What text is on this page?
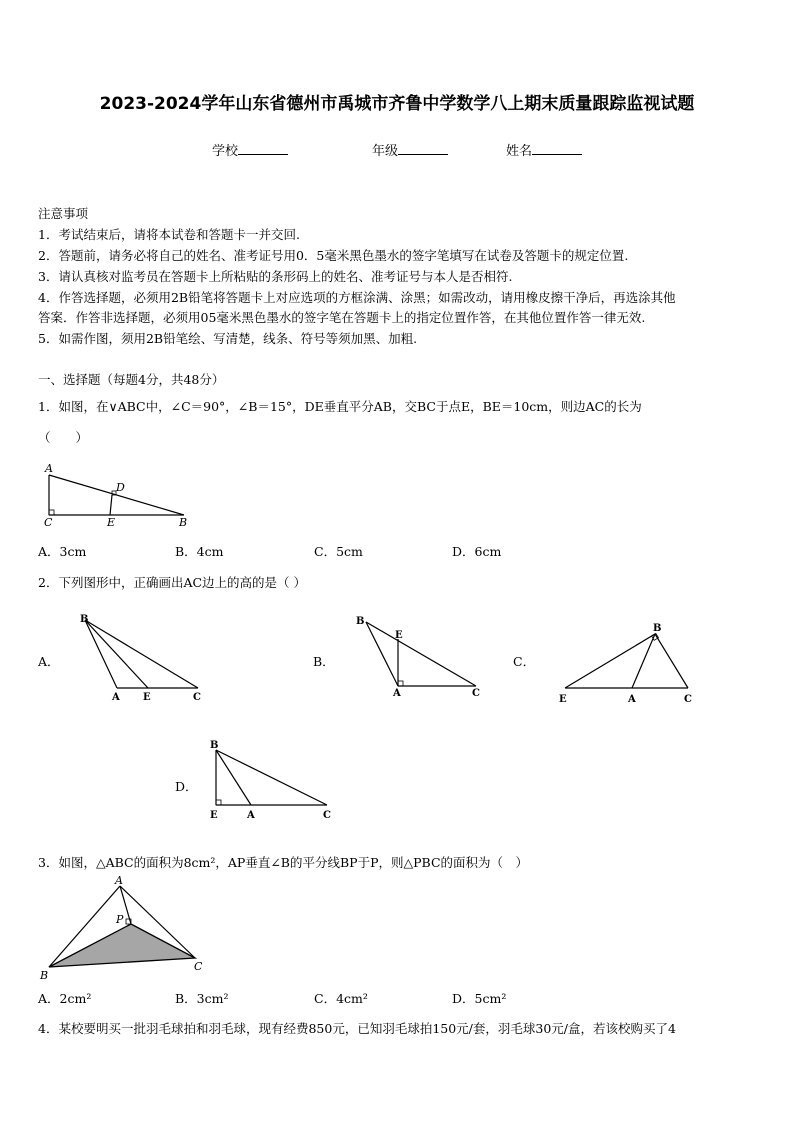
2023-2024学年山东省德州市禹城市齐鲁中学数学八上期末质量跟踪监视试题
学校	年级	姓名
注意事项
1．考试结束后，请将本试卷和答题卡一并交回.
2．答题前，请务必将自己的姓名、准考证号用0．5毫米黑色墨水的签字笔填写在试卷及答题卡的规定位置.
3．请认真核对监考员在答题卡上所粘贴的条形码上的姓名、准考证号与本人是否相符.
4．作答选择题，必须用2B铅笔将答题卡上对应选项的方框涂满、涂黑；如需改动，请用橡皮擦干净后，再选涂其他
答案．作答非选择题，必须用05毫米黑色墨水的签字笔在答题卡上的指定位置作答，在其他位置作答一律无效.
5．如需作图，须用2B铅笔绘、写清楚，线条、符号等须加黑、加粗.
一、选择题（每题4分，共48分）
1．如图，在∨ABC中，∠C＝90°，∠B＝15°，DE垂直平分AB，交BC于点E，BE＝10cm，则边AC的长为
（　　）
A
D
C	E	B
A．3cm	B．4cm	C．5cm	D．6cm
2．下列图形中，正确画出AC边上的高的是（ ）
A．
B
A E	C
B．
B
E
A	C
C．
B
E	A	C
D．
B
E	A	C
3．如图，△ABC的面积为8cm²，AP垂直∠B的平分线BP于P，则△PBC的面积为（　）
A
P
B
C
A．2cm²	B．3cm²	C．4cm²	D．5cm²
4．某校要明买一批羽毛球拍和羽毛球，现有经费850元，已知羽毛球拍150元/套，羽毛球30元/盒，若该校购买了4
